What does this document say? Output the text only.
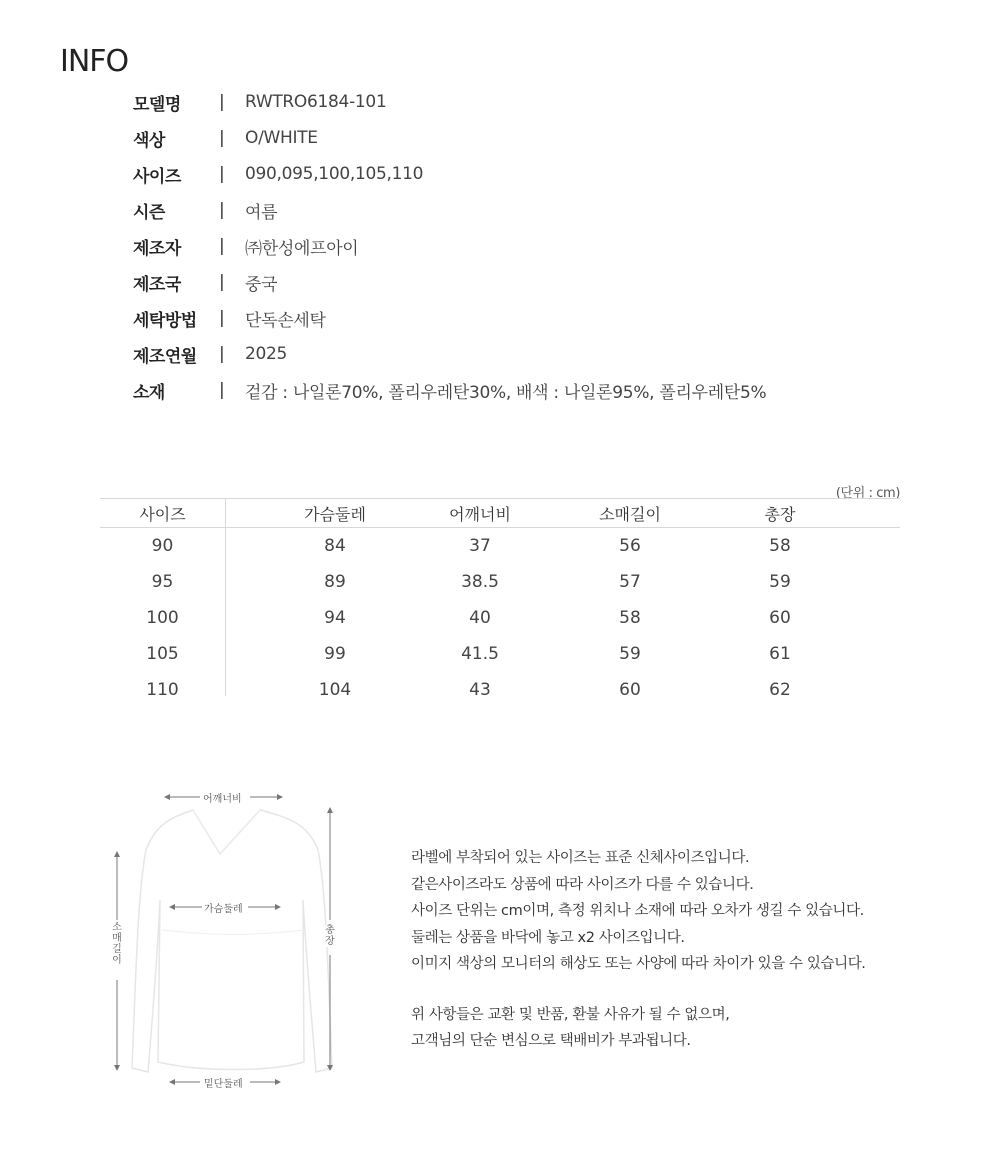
INFO
모델명	|	RWTRO6184-101
색상	|	O/WHITE
사이즈	|	090,095,100,105,110
시즌	|	여름
제조자	|	㈜한성에프아이
제조국	|	중국
세탁방법	|	단독손세탁
제조연월	|	2025
소재	|	겉감 : 나일론70%, 폴리우레탄30%, 배색 : 나일론95%, 폴리우레탄5%
(단위 : cm)
사이즈	가슴둘레	어깨너비	소매길이	총장
90	84	37	56	58
95	89	38.5	57	59
100	94	40	58	60
105	99	41.5	59	61
110	104	43	60	62
어깨너비
가슴둘레
밑단둘레
소매길이
총장

라벨에 부착되어 있는 사이즈는 표준 신체사이즈입니다.

같은사이즈라도 상품에 따라 사이즈가 다를 수 있습니다.

사이즈 단위는 cm이며, 측정 위치나 소재에 따라 오차가 생길 수 있습니다.

둘레는 상품을 바닥에 놓고 x2 사이즈입니다.

이미지 색상의 모니터의 해상도 또는 사양에 따라 차이가 있을 수 있습니다.

위 사항들은 교환 및 반품, 환불 사유가 될 수 없으며,

고객님의 단순 변심으로 택배비가 부과됩니다.
